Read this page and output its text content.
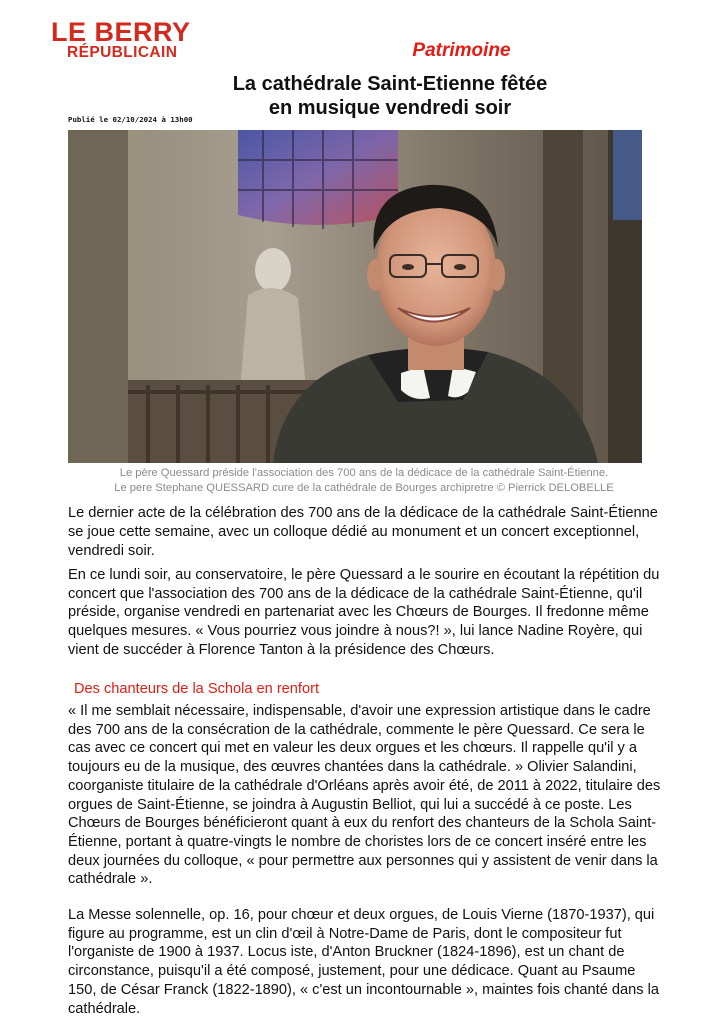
LE BERRY
RÉPUBLICAIN	Patrimoine
La cathédrale Saint-Etienne fêtée
en musique vendredi soir
Publié le 02/10/2024 à 13h00
Le père Quessard préside l'association des 700 ans de la dédicace de la cathédrale Saint-Étienne.
Le pere Stephane QUESSARD cure de la cathédrale de Bourges archipretre © Pierrick DELOBELLE

Le dernier acte de la célébration des 700 ans de la dédicace de la cathédrale Saint-Étienne se joue cette semaine, avec un colloque dédié au monument et un concert exceptionnel, vendredi soir.

En ce lundi soir, au conservatoire, le père Quessard a le sourire en écoutant la répétition du concert que l'association des 700 ans de la dédicace de la cathédrale Saint-Étienne, qu'il préside, organise vendredi en partenariat avec les Chœurs de Bourges. Il fredonne même quelques mesures. « Vous pourriez vous joindre à nous?! », lui lance Nadine Royère, qui vient de succéder à Florence Tanton à la présidence des Chœurs.

Des chanteurs de la Schola en renfort

« Il me semblait nécessaire, indispensable, d'avoir une expression artistique dans le cadre des 700 ans de la consécration de la cathédrale, commente le père Quessard. Ce sera le cas avec ce concert qui met en valeur les deux orgues et les chœurs. Il rappelle qu'il y a toujours eu de la musique, des œuvres chantées dans la cathédrale. » Olivier Salandini, coorganiste titulaire de la cathédrale d'Orléans après avoir été, de 2011 à 2022, titulaire des orgues de Saint-Étienne, se joindra à Augustin Belliot, qui lui a succédé à ce poste. Les Chœurs de Bourges bénéficieront quant à eux du renfort des chanteurs de la Schola Saint-Étienne, portant à quatre-vingts le nombre de choristes lors de ce concert inséré entre les deux journées du colloque, « pour permettre aux personnes qui y assistent de venir dans la cathédrale ».

La Messe solennelle, op. 16, pour chœur et deux orgues, de Louis Vierne (1870-1937), qui figure au programme, est un clin d'œil à Notre-Dame de Paris, dont le compositeur fut l'organiste de 1900 à 1937. Locus iste, d'Anton Bruckner (1824-1896), est un chant de circonstance, puisqu'il a été composé, justement, pour une dédicace. Quant au Psaume 150, de César Franck (1822-1890), « c'est un incontournable », maintes fois chanté dans la cathédrale.
